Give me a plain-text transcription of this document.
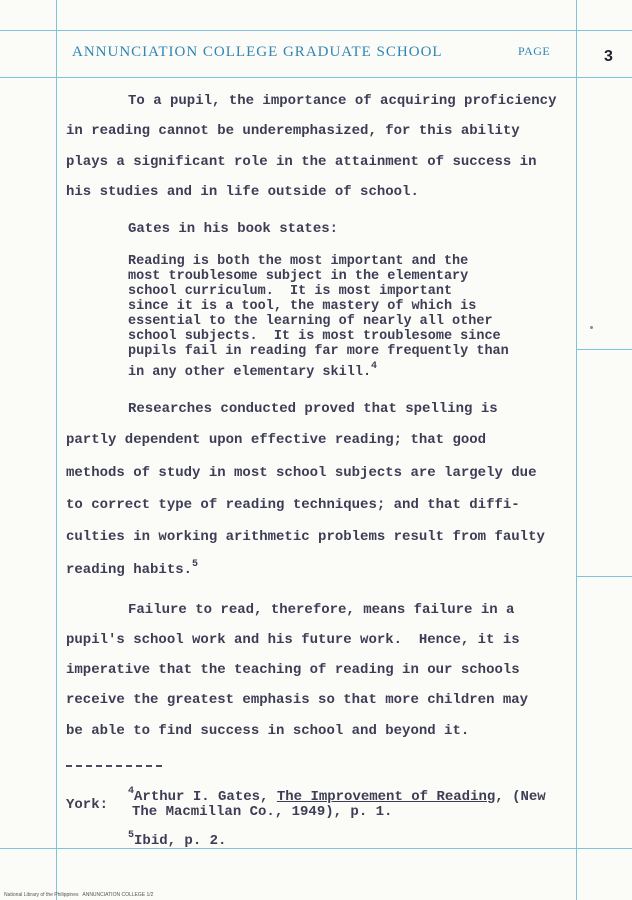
ANNUNCIATION COLLEGE GRADUATE SCHOOL	PAGE	3
To a pupil, the importance of acquiring proficiency
in reading cannot be underemphasized, for this ability
plays a significant role in the attainment of success in
his studies and in life outside of school.
Gates in his book states:
Reading is both the most important and the
most troublesome subject in the elementary
school curriculum.  It is most important
since it is a tool, the mastery of which is
essential to the learning of nearly all other
school subjects.  It is most troublesome since
pupils fail in reading far more frequently than
in any other elementary skill.$^4$
Researches conducted proved that spelling is
partly dependent upon effective reading; that good
methods of study in most school subjects are largely due
to correct type of reading techniques; and that diffi-
culties in working arithmetic problems result from faulty
reading habits.$^5$
Failure to read, therefore, means failure in a
pupil's school work and his future work.  Hence, it is
imperative that the teaching of reading in our schools
receive the greatest emphasis so that more children may
be able to find success in school and beyond it.
$^4$Arthur I. Gates, The Improvement of Reading, (New
York: The Macmillan Co., 1949), p. 1.
$^5$Ibid, p. 2.
National Library of the Philippines   ANNUNCIATION COLLEGE 1/2
